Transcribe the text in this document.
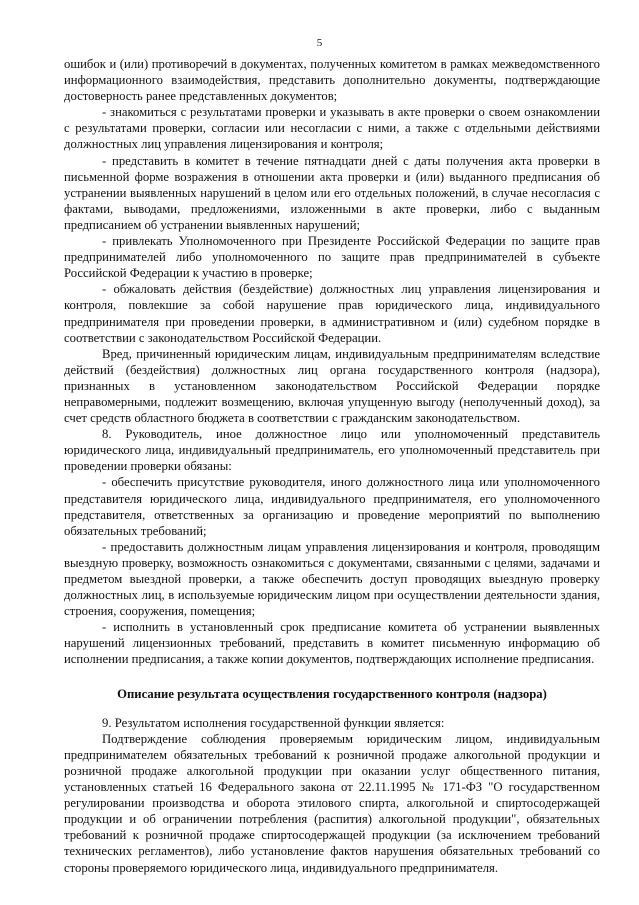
5

ошибок и (или) противоречий в документах, полученных комитетом в рамках межведомственного информационного взаимодействия, представить дополнительно документы, подтверждающие достоверность ранее представленных документов;

- знакомиться с результатами проверки и указывать в акте проверки о своем ознакомлении с результатами проверки, согласии или несогласии с ними, а также с отдельными действиями должностных лиц управления лицензирования и контроля;

- представить в комитет в течение пятнадцати дней с даты получения акта проверки в письменной форме возражения в отношении акта проверки и (или) выданного предписания об устранении выявленных нарушений в целом или его отдельных положений, в случае несогласия с фактами, выводами, предложениями, изложенными в акте проверки, либо с выданным предписанием об устранении выявленных нарушений;

- привлекать Уполномоченного при Президенте Российской Федерации по защите прав предпринимателей либо уполномоченного по защите прав предпринимателей в субъекте Российской Федерации к участию в проверке;

- обжаловать действия (бездействие) должностных лиц управления лицензирования и контроля, повлекшие за собой нарушение прав юридического лица, индивидуального предпринимателя при проведении проверки, в административном и (или) судебном порядке в соответствии с законодательством Российской Федерации.

Вред, причиненный юридическим лицам, индивидуальным предпринимателям вследствие действий (бездействия) должностных лиц органа государственного контроля (надзора), признанных в установленном законодательством Российской Федерации порядке неправомерными, подлежит возмещению, включая упущенную выгоду (неполученный доход), за счет средств областного бюджета в соответствии с гражданским законодательством.

8. Руководитель, иное должностное лицо или уполномоченный представитель юридического лица, индивидуальный предприниматель, его уполномоченный представитель при проведении проверки обязаны:

- обеспечить присутствие руководителя, иного должностного лица или уполномоченного представителя юридического лица, индивидуального предпринимателя, его уполномоченного представителя, ответственных за организацию и проведение мероприятий по выполнению обязательных требований;

- предоставить должностным лицам управления лицензирования и контроля, проводящим выездную проверку, возможность ознакомиться с документами, связанными с целями, задачами и предметом выездной проверки, а также обеспечить доступ проводящих выездную проверку должностных лиц, в используемые юридическим лицом при осуществлении деятельности здания, строения, сооружения, помещения;

- исполнить в установленный срок предписание комитета об устранении выявленных нарушений лицензионных требований, представить в комитет письменную информацию об исполнении предписания, а также копии документов, подтверждающих исполнение предписания.

Описание результата осуществления государственного контроля (надзора)

9. Результатом исполнения государственной функции является:

Подтверждение соблюдения проверяемым юридическим лицом, индивидуальным предпринимателем обязательных требований к розничной продаже алкогольной продукции и розничной продаже алкогольной продукции при оказании услуг общественного питания, установленных статьей 16 Федерального закона от 22.11.1995 № 171-ФЗ "О государственном регулировании производства и оборота этилового спирта, алкогольной и спиртосодержащей продукции и об ограничении потребления (распития) алкогольной продукции", обязательных требований к розничной продаже спиртосодержащей продукции (за исключением требований технических регламентов), либо установление фактов нарушения обязательных требований со стороны проверяемого юридического лица, индивидуального предпринимателя.
